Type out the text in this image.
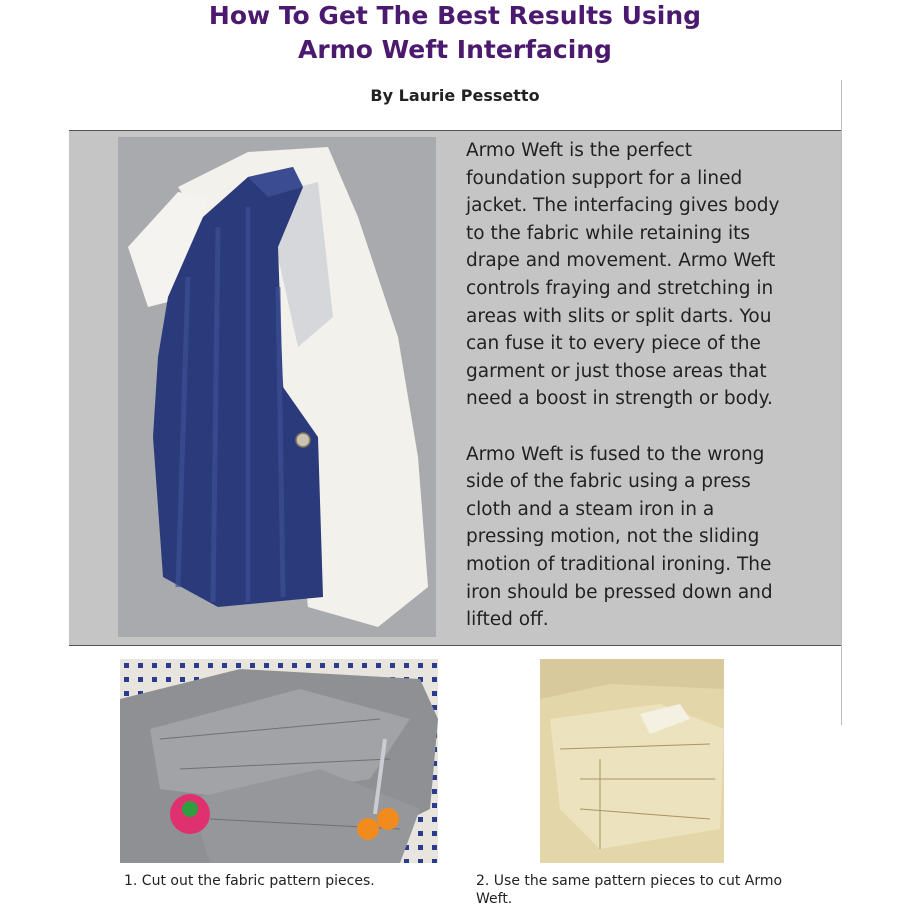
How To Get The Best Results Using
Armo Weft Interfacing
By Laurie Pessetto

Armo Weft is the perfect foundation support for a lined jacket. The interfacing gives body to the fabric while retaining its drape and movement. Armo Weft controls fraying and stretching in areas with slits or split darts. You can fuse it to every piece of the garment or just those areas that need a boost in strength or body.

Armo Weft is fused to the wrong side of the fabric using a press cloth and a steam iron in a pressing motion, not the sliding motion of traditional ironing. The iron should be pressed down and lifted off.

1. Cut out the fabric pattern pieces.	2. Use the same pattern pieces to cut Armo Weft.
